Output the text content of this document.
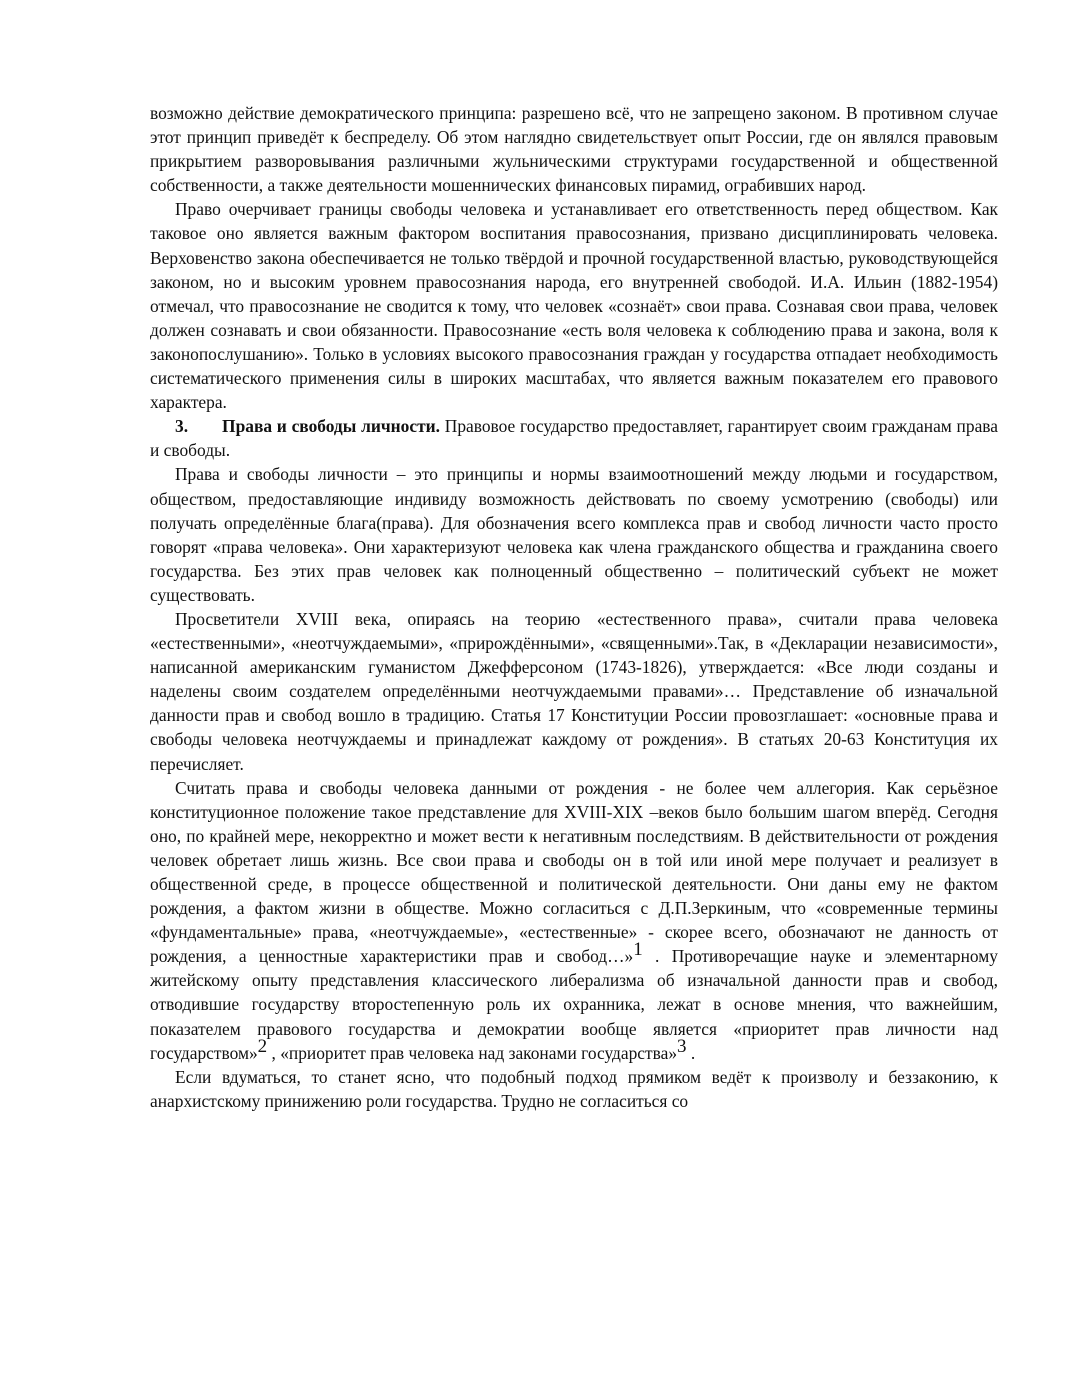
возможно действие демократического принципа: разрешено всё, что не запрещено законом. В противном случае этот принцип приведёт к беспределу. Об этом наглядно свидетельствует опыт России, где он являлся правовым прикрытием разворовывания различными жульническими структурами государственной и общественной собственности, а также деятельности мошеннических финансовых пирамид, ограбивших народ.

Право очерчивает границы свободы человека и устанавливает его ответственность перед обществом. Как таковое оно является важным фактором воспитания правосознания, призвано дисциплинировать человека. Верховенство закона обеспечивается не только твёрдой и прочной государственной властью, руководствующейся законом, но и высоким уровнем правосознания народа, его внутренней свободой. И.А. Ильин (1882-1954) отмечал, что правосознание не сводится к тому, что человек «сознаёт» свои права. Сознавая свои права, человек должен сознавать и свои обязанности. Правосознание «есть воля человека к соблюдению права и закона, воля к законопослушанию». Только в условиях высокого правосознания граждан у государства отпадает необходимость систематического применения силы в широких масштабах, что является важным показателем его правового характера.

3. Права и свободы личности. Правовое государство предоставляет, гарантирует своим гражданам права и свободы.

Права и свободы личности – это принципы и нормы взаимоотношений между людьми и государством, обществом, предоставляющие индивиду возможность действовать по своему усмотрению (свободы) или получать определённые блага(права). Для обозначения всего комплекса прав и свобод личности часто просто говорят «права человека». Они характеризуют человека как члена гражданского общества и гражданина своего государства. Без этих прав человек как полноценный общественно – политический субъект не может существовать.

Просветители XVIII века, опираясь на теорию «естественного права», считали права человека «естественными», «неотчуждаемыми», «прирождёнными», «священными».Так, в «Декларации независимости», написанной американским гуманистом Джефферсоном (1743-1826), утверждается: «Все люди созданы и наделены своим создателем определёнными неотчуждаемыми правами»… Представление об изначальной данности прав и свобод вошло в традицию. Статья 17 Конституции России провозглашает: «основные права и свободы человека неотчуждаемы и принадлежат каждому от рождения». В статьях 20-63 Конституция их перечисляет.

Считать права и свободы человека данными от рождения - не более чем аллегория. Как серьёзное конституционное положение такое представление для XVIII-XIX –веков было большим шагом вперёд. Сегодня оно, по крайней мере, некорректно и может вести к негативным последствиям. В действительности от рождения человек обретает лишь жизнь. Все свои права и свободы он в той или иной мере получает и реализует в общественной среде, в процессе общественной и политической деятельности. Они даны ему не фактом рождения, а фактом жизни в обществе. Можно согласиться с Д.П.Зеркиным, что «современные термины «фундаментальные» права, «неотчуждаемые», «естественные» - скорее всего, обозначают не данность от рождения, а ценностные характеристики прав и свобод…»$^1$ . Противоречащие науке и элементарному житейскому опыту представления классического либерализма об изначальной данности прав и свобод, отводившие государству второстепенную роль их охранника, лежат в основе мнения, что важнейшим, показателем правового государства и демократии вообще является «приоритет прав личности над государством»$^2$ , «приоритет прав человека над законами государства»$^3$ .

Если вдуматься, то станет ясно, что подобный подход прямиком ведёт к произволу и беззаконию, к анархистскому принижению роли государства. Трудно не согласиться со
